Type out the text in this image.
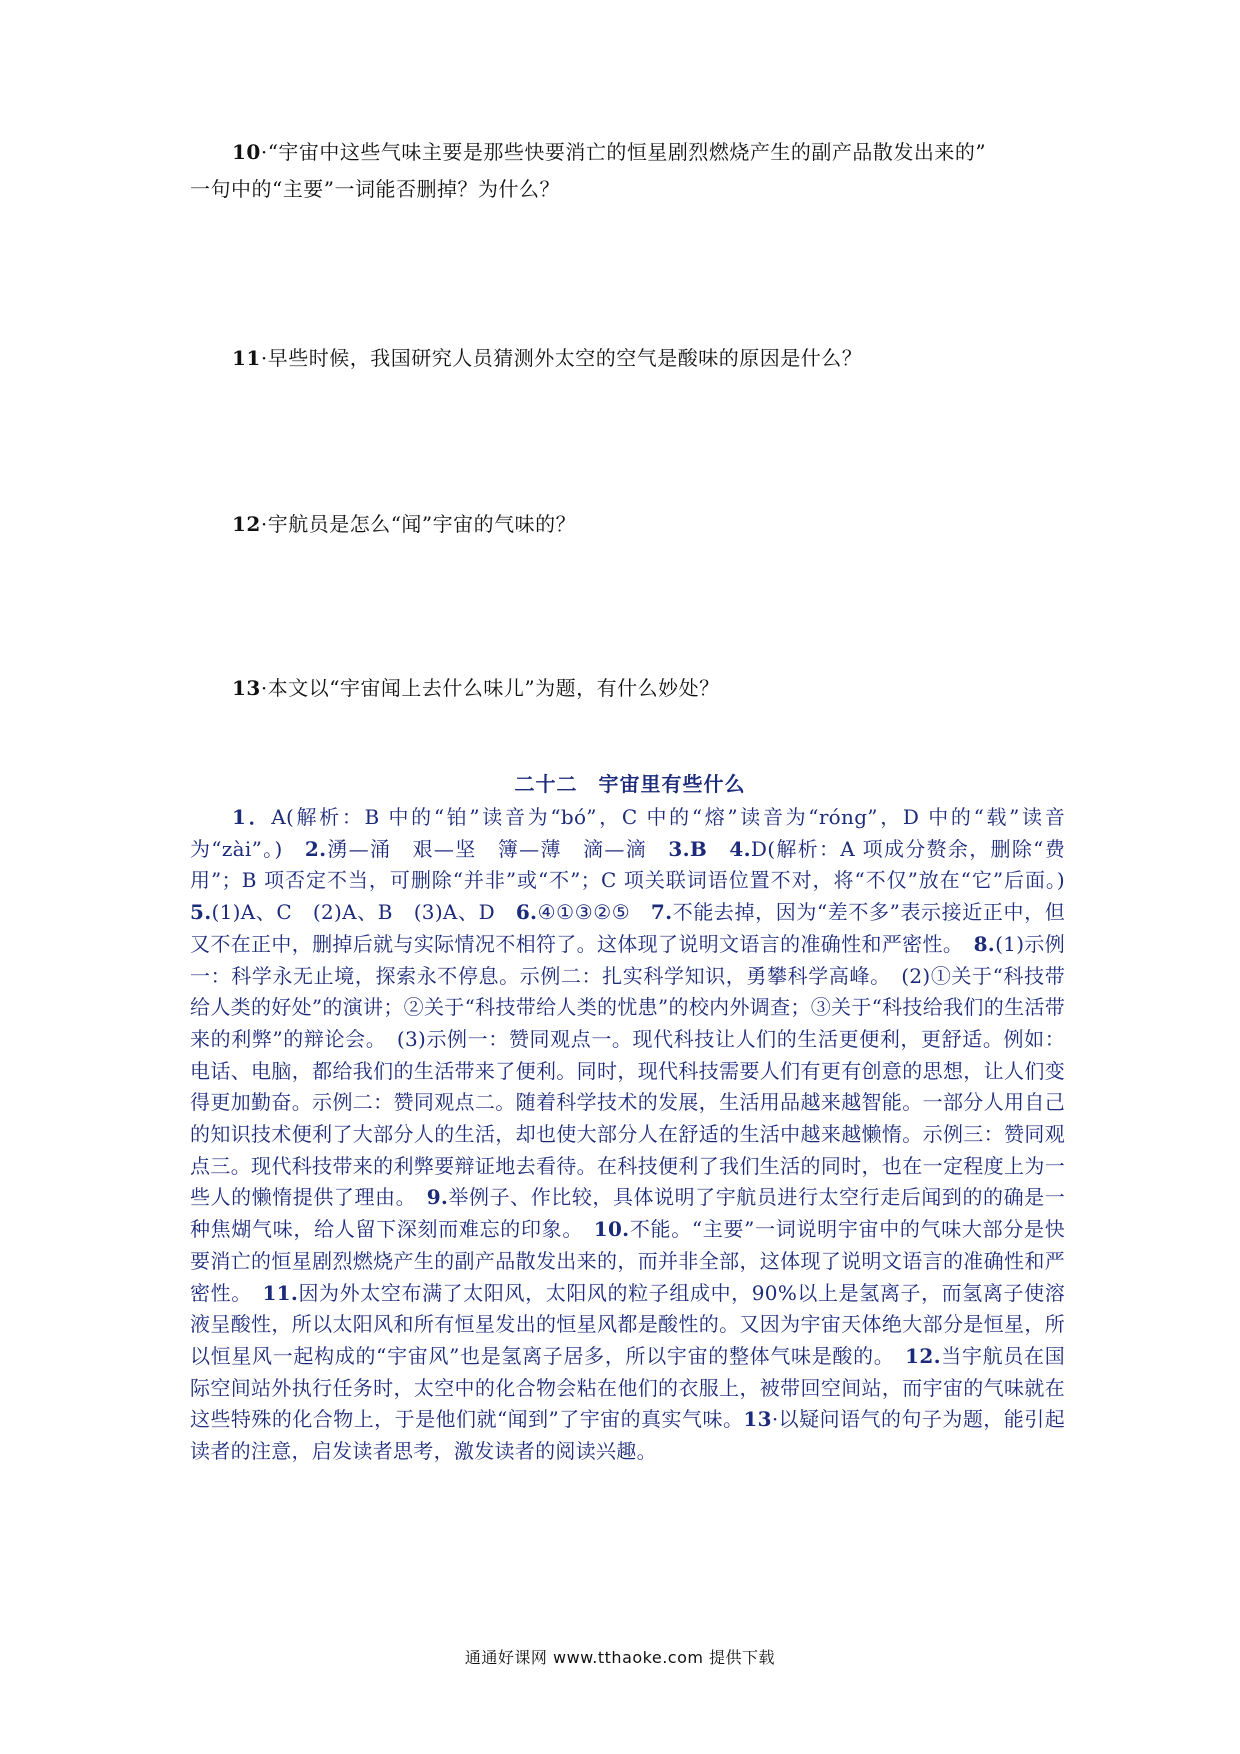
10·“宇宙中这些气味主要是那些快要消亡的恒星剧烈燃烧产生的副产品散发出来的”
一句中的“主要”一词能否删掉？为什么？
11·早些时候，我国研究人员猜测外太空的空气是酸味的原因是什么？
12·宇航员是怎么“闻”宇宙的气味的？
13·本文以“宇宙闻上去什么味儿”为题，有什么妙处？
二十二　宇宙里有些什么
1．A(解析：B 中的“铂”读音为“bó”，C 中的“熔”读音为“róng”，D 中的“载”读音为“zài”。)　2.湧—涌　艰—坚　簿—薄　滴—滴　3.B　4.D(解析：A 项成分赘余，删除“费用”；B 项否定不当，可删除“并非”或“不”；C 项关联词语位置不对，将“不仅”放在“它”后面。)　5.(1)A、C　(2)A、B　(3)A、D　6.④①③②⑤　7.不能去掉，因为“差不多”表示接近正中，但又不在正中，删掉后就与实际情况不相符了。这体现了说明文语言的准确性和严密性。　8.(1)示例一：科学永无止境，探索永不停息。示例二：扎实科学知识，勇攀科学高峰。　(2)①关于“科技带给人类的好处”的演讲；②关于“科技带给人类的忧患”的校内外调查；③关于“科技给我们的生活带来的利弊”的辩论会。　(3)示例一：赞同观点一。现代科技让人们的生活更便利，更舒适。例如：电话、电脑，都给我们的生活带来了便利。同时，现代科技需要人们有更有创意的思想，让人们变得更加勤奋。示例二：赞同观点二。随着科学技术的发展，生活用品越来越智能。一部分人用自己的知识技术便利了大部分人的生活，却也使大部分人在舒适的生活中越来越懒惰。示例三：赞同观点三。现代科技带来的利弊要辩证地去看待。在科技便利了我们生活的同时，也在一定程度上为一些人的懒惰提供了理由。　9.举例子、作比较，具体说明了宇航员进行太空行走后闻到的的确是一种焦煳气味，给人留下深刻而难忘的印象。　10.不能。“主要”一词说明宇宙中的气味大部分是快要消亡的恒星剧烈燃烧产生的副产品散发出来的，而并非全部，这体现了说明文语言的准确性和严密性。　11.因为外太空布满了太阳风，太阳风的粒子组成中，90%以上是氢离子，而氢离子使溶液呈酸性，所以太阳风和所有恒星发出的恒星风都是酸性的。又因为宇宙天体绝大部分是恒星，所以恒星风一起构成的“宇宙风”也是氢离子居多，所以宇宙的整体气味是酸的。　12.当宇航员在国际空间站外执行任务时，太空中的化合物会粘在他们的衣服上，被带回空间站，而宇宙的气味就在这些特殊的化合物上，于是他们就“闻到”了宇宙的真实气味。13·以疑问语气的句子为题，能引起读者的注意，启发读者思考，激发读者的阅读兴趣。
通通好课网 www.tthaoke.com 提供下载
